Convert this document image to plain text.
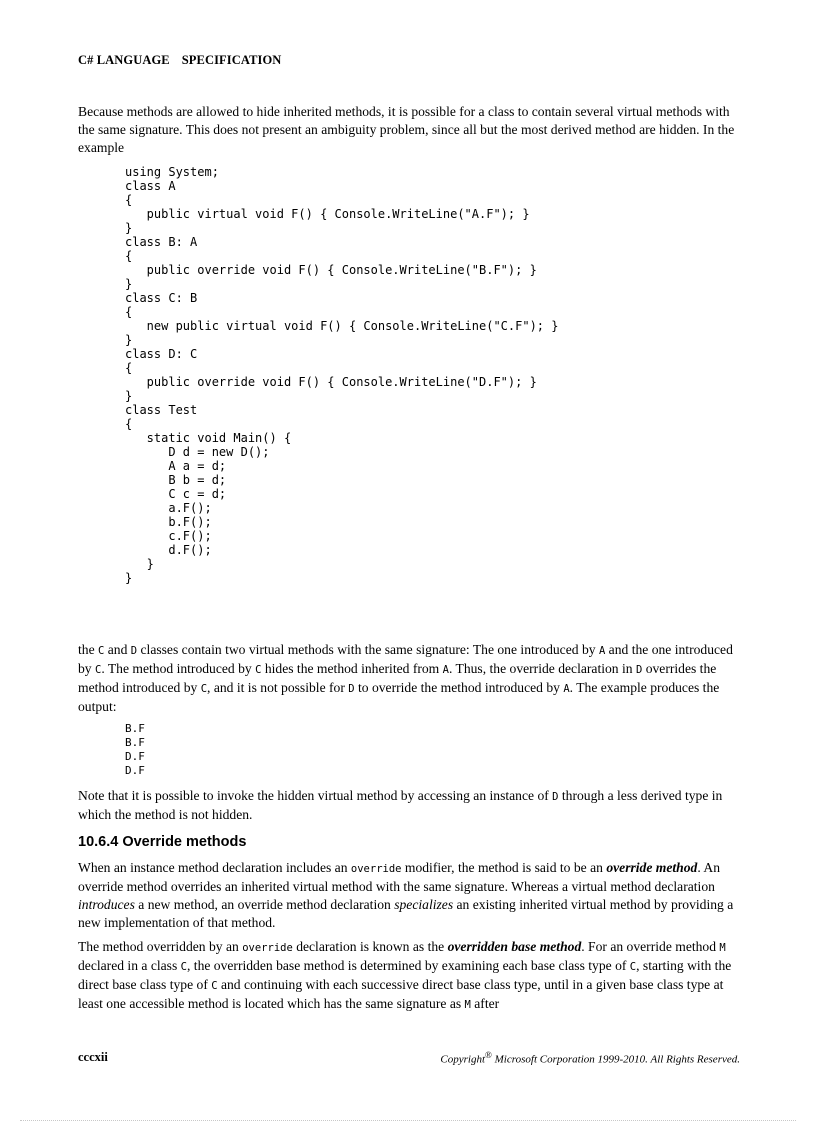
C# LANGUAGE SPECIFICATION
Because methods are allowed to hide inherited methods, it is possible for a class to contain several virtual methods with the same signature. This does not present an ambiguity problem, since all but the most derived method are hidden. In the example
using System;
class A
{
public virtual void F() { Console.WriteLine("A.F"); }
}
class B: A
{
public override void F() { Console.WriteLine("B.F"); }
}
class C: B
{
new public virtual void F() { Console.WriteLine("C.F"); }
}
class D: C
{
public override void F() { Console.WriteLine("D.F"); }
}
class Test
{
static void Main() {
D d = new D();
A a = d;
B b = d;
C c = d;
a.F();
b.F();
c.F();
d.F();
}
}
the C and D classes contain two virtual methods with the same signature: The one introduced by A and the one introduced by C. The method introduced by C hides the method inherited from A. Thus, the override declaration in D overrides the method introduced by C, and it is not possible for D to override the method introduced by A. The example produces the output:
B.F
B.F
D.F
D.F
Note that it is possible to invoke the hidden virtual method by accessing an instance of D through a less derived type in which the method is not hidden.
10.6.4 Override methods
When an instance method declaration includes an override modifier, the method is said to be an override method. An override method overrides an inherited virtual method with the same signature. Whereas a virtual method declaration introduces a new method, an override method declaration specializes an existing inherited virtual method by providing a new implementation of that method.
The method overridden by an override declaration is known as the overridden base method. For an override method M declared in a class C, the overridden base method is determined by examining each base class type of C, starting with the direct base class type of C and continuing with each successive direct base class type, until in a given base class type at least one accessible method is located which has the same signature as M after
cccxii	Copyright® Microsoft Corporation 1999-2010. All Rights Reserved.
